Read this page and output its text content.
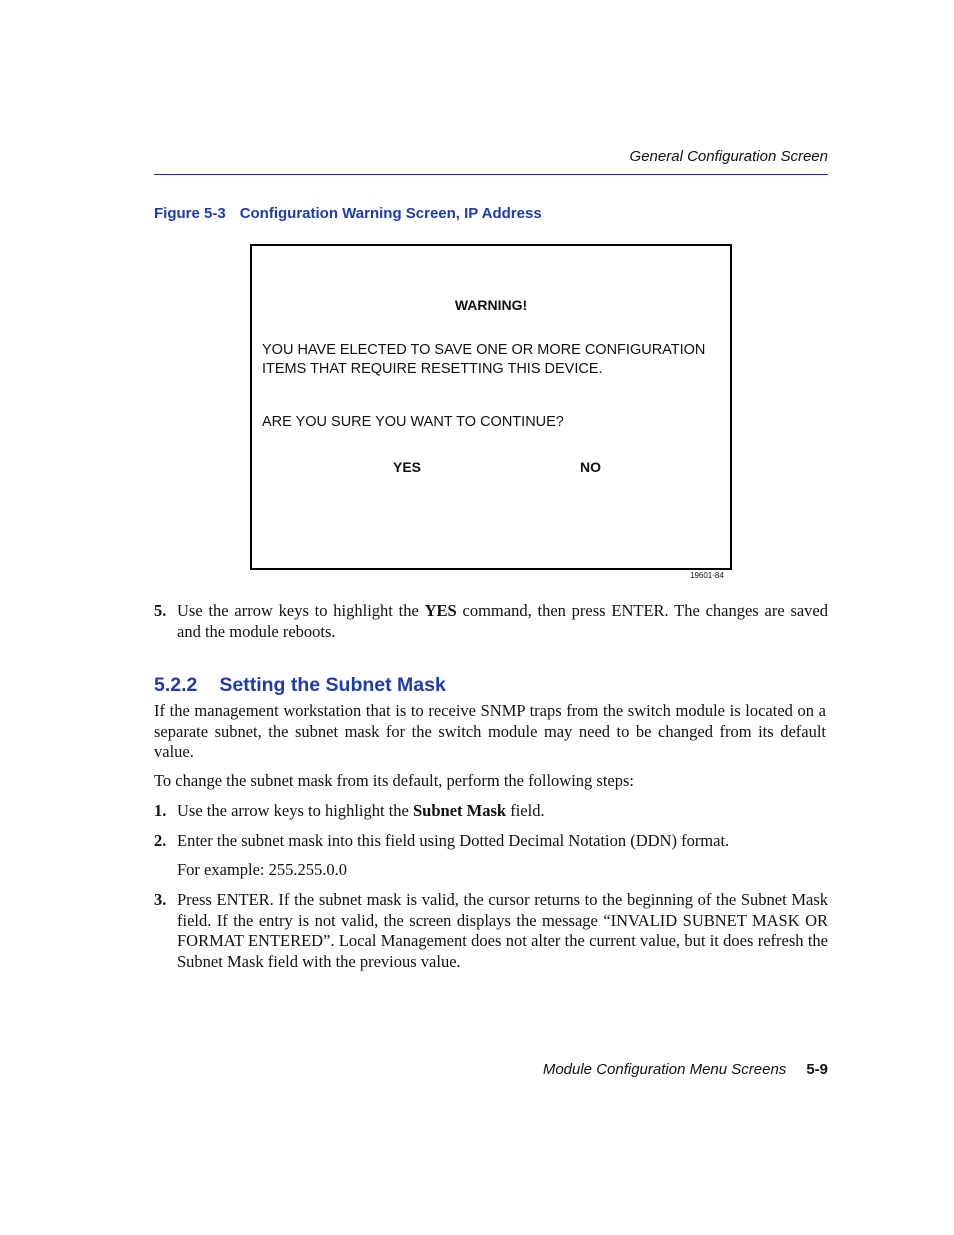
General Configuration Screen
Figure 5-3 Configuration Warning Screen, IP Address
WARNING!
YOU HAVE ELECTED TO SAVE ONE OR MORE CONFIGURATION
ITEMS THAT REQUIRE RESETTING THIS DEVICE.
ARE YOU SURE YOU WANT TO CONTINUE?
YES	NO
19601-84
5. Use the arrow keys to highlight the YES command, then press ENTER. The changes are saved and the module reboots.
5.2.2 Setting the Subnet Mask
If the management workstation that is to receive SNMP traps from the switch module is located on a separate subnet, the subnet mask for the switch module may need to be changed from its default value.
To change the subnet mask from its default, perform the following steps:
1. Use the arrow keys to highlight the Subnet Mask field.
2. Enter the subnet mask into this field using Dotted Decimal Notation (DDN) format.
For example: 255.255.0.0
3. Press ENTER. If the subnet mask is valid, the cursor returns to the beginning of the Subnet Mask field. If the entry is not valid, the screen displays the message “INVALID SUBNET MASK OR FORMAT ENTERED”. Local Management does not alter the current value, but it does refresh the Subnet Mask field with the previous value.
Module Configuration Menu Screens 5-9
